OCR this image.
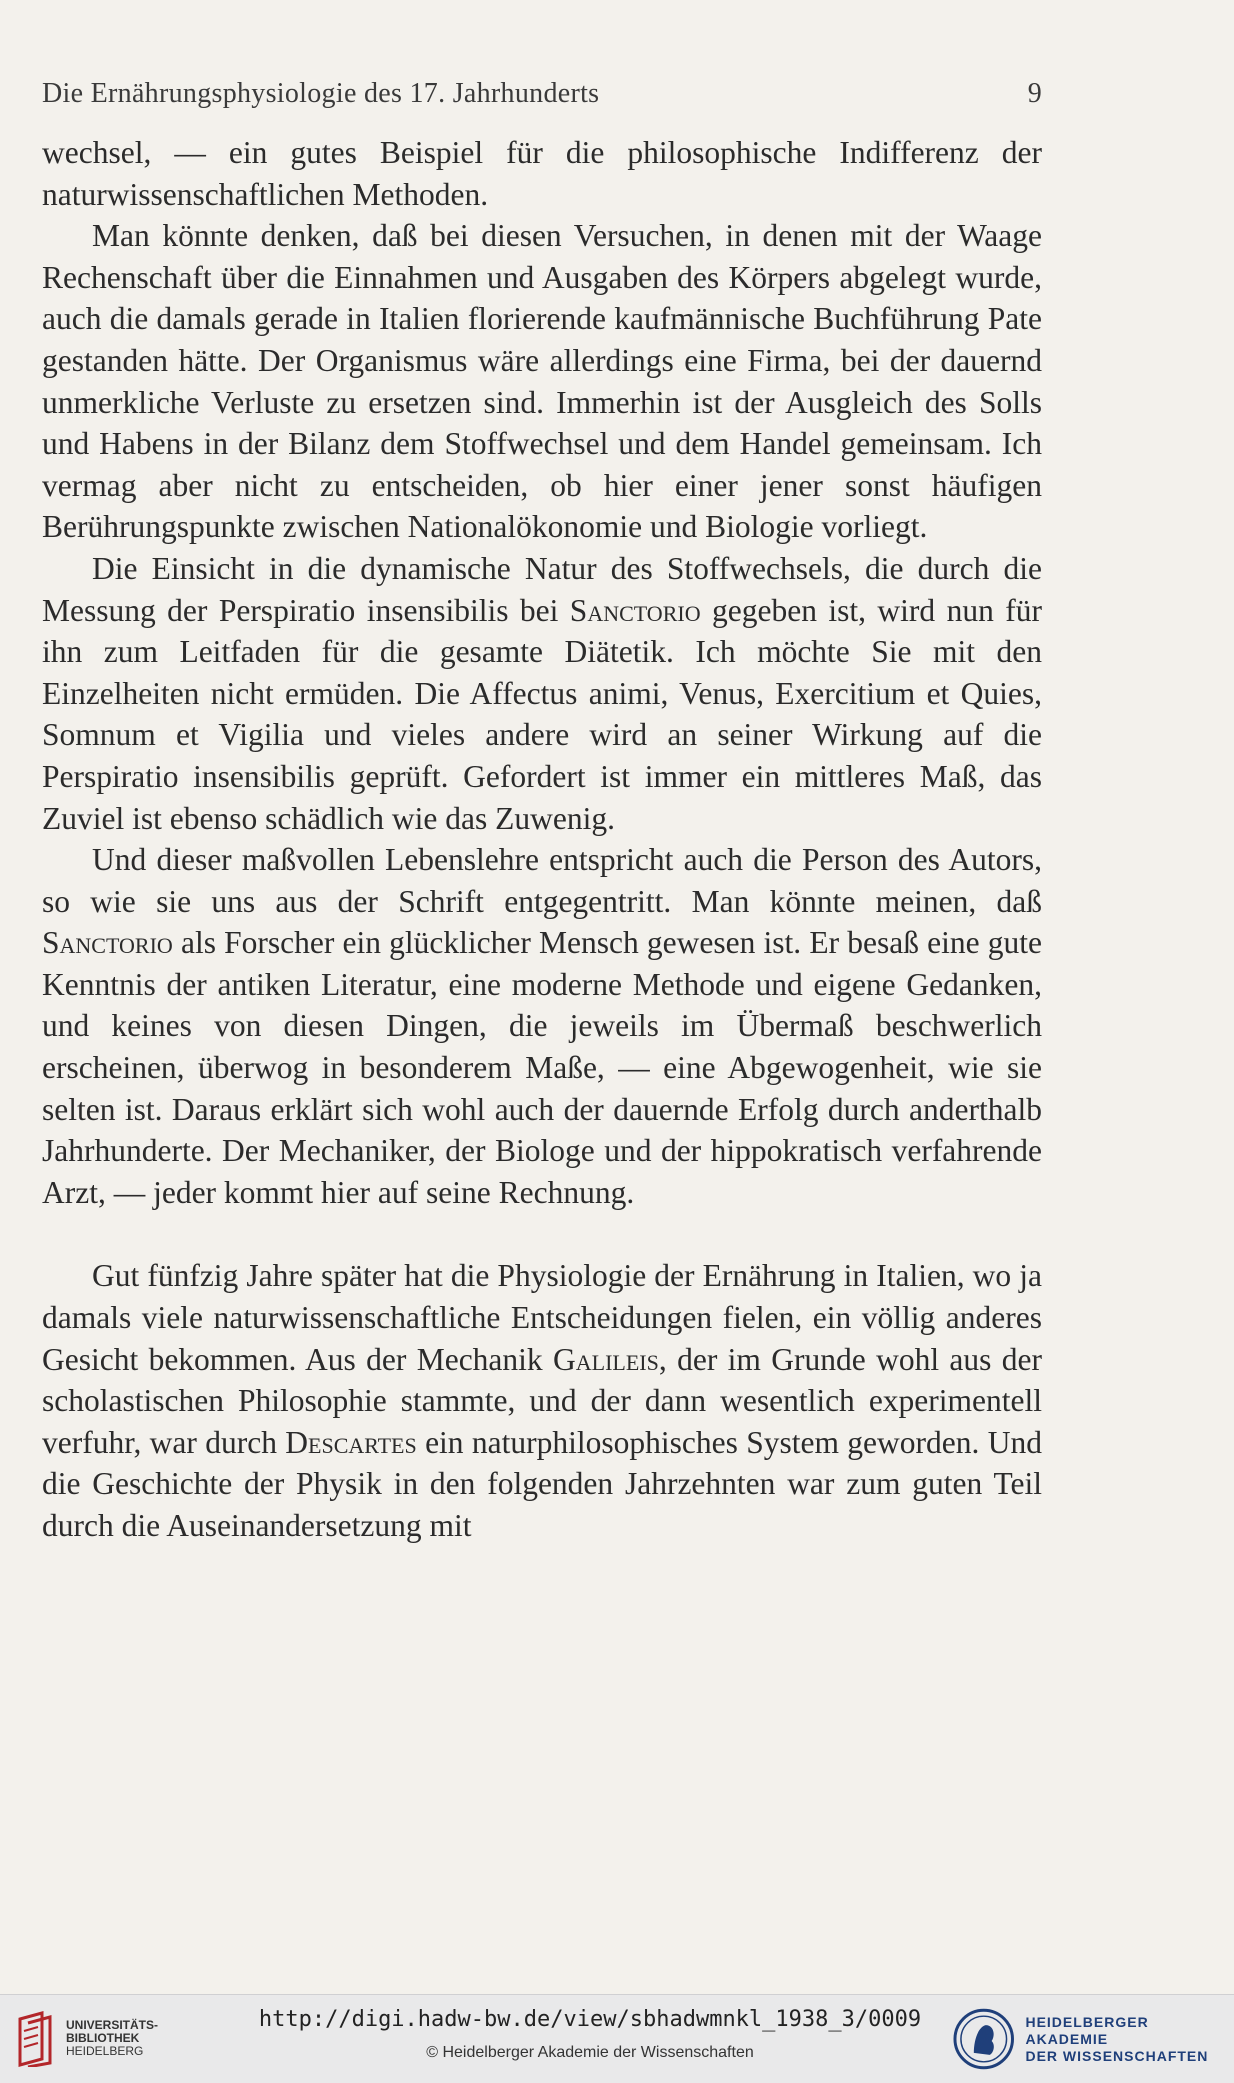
Die Ernährungsphysiologie des 17. Jahrhunderts	9

wechsel, — ein gutes Beispiel für die philosophische Indifferenz der naturwissenschaftlichen Methoden.

Man könnte denken, daß bei diesen Versuchen, in denen mit der Waage Rechenschaft über die Einnahmen und Ausgaben des Körpers abgelegt wurde, auch die damals gerade in Italien florierende kaufmännische Buchführung Pate gestanden hätte. Der Organismus wäre allerdings eine Firma, bei der dauernd unmerkliche Verluste zu ersetzen sind. Immerhin ist der Ausgleich des Solls und Habens in der Bilanz dem Stoffwechsel und dem Handel gemeinsam. Ich vermag aber nicht zu entscheiden, ob hier einer jener sonst häufigen Berührungspunkte zwischen Nationalökonomie und Biologie vorliegt.

Die Einsicht in die dynamische Natur des Stoffwechsels, die durch die Messung der Perspiratio insensibilis bei Sanctorio gegeben ist, wird nun für ihn zum Leitfaden für die gesamte Diätetik. Ich möchte Sie mit den Einzelheiten nicht ermüden. Die Affectus animi, Venus, Exercitium et Quies, Somnum et Vigilia und vieles andere wird an seiner Wirkung auf die Perspiratio insensibilis geprüft. Gefordert ist immer ein mittleres Maß, das Zuviel ist ebenso schädlich wie das Zuwenig.

Und dieser maßvollen Lebenslehre entspricht auch die Person des Autors, so wie sie uns aus der Schrift entgegentritt. Man könnte meinen, daß Sanctorio als Forscher ein glücklicher Mensch gewesen ist. Er besaß eine gute Kenntnis der antiken Literatur, eine moderne Methode und eigene Gedanken, und keines von diesen Dingen, die jeweils im Übermaß beschwerlich erscheinen, überwog in besonderem Maße, — eine Abgewogenheit, wie sie selten ist. Daraus erklärt sich wohl auch der dauernde Erfolg durch anderthalb Jahrhunderte. Der Mechaniker, der Biologe und der hippokratisch verfahrende Arzt, — jeder kommt hier auf seine Rechnung.

Gut fünfzig Jahre später hat die Physiologie der Ernährung in Italien, wo ja damals viele naturwissenschaftliche Entscheidungen fielen, ein völlig anderes Gesicht bekommen. Aus der Mechanik Galileis, der im Grunde wohl aus der scholastischen Philosophie stammte, und der dann wesentlich experimentell verfuhr, war durch Descartes ein naturphilosophisches System geworden. Und die Geschichte der Physik in den folgenden Jahrzehnten war zum guten Teil durch die Auseinandersetzung mit

UNIVERSITÄTS-
BIBLIOTHEK
HEIDELBERG
http://digi.hadw-bw.de/view/sbhadwmnkl_1938_3/0009
© Heidelberger Akademie der Wissenschaften
HEIDELBERGER AKADEMIE
DER WISSENSCHAFTEN
